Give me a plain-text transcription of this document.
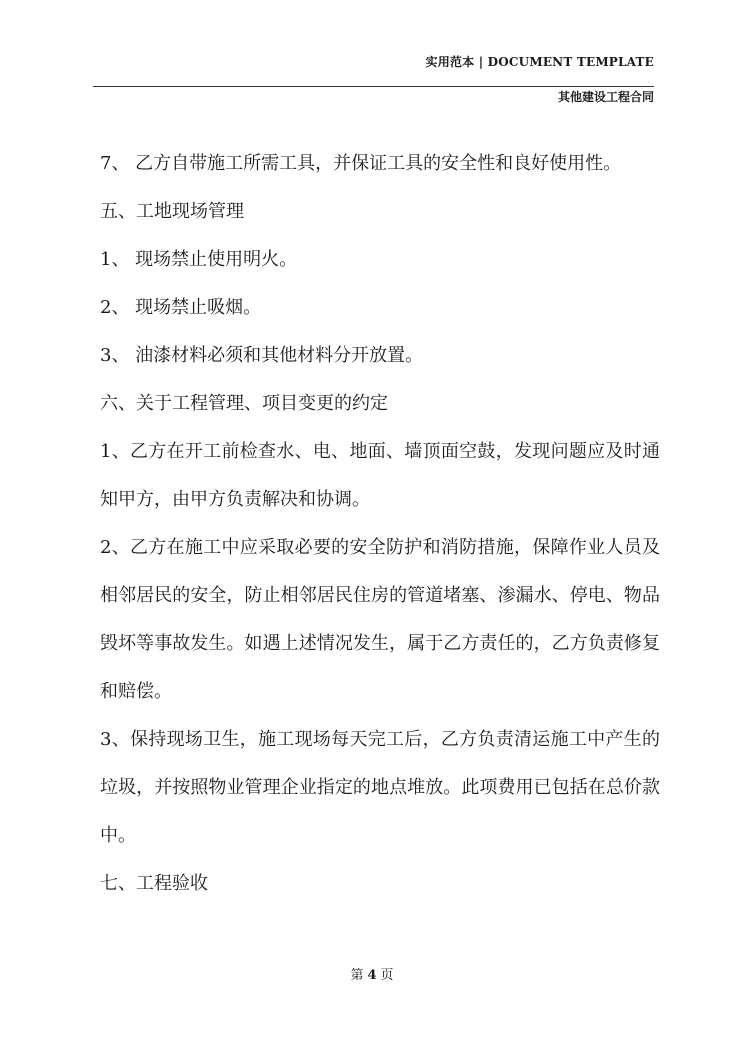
实用范本 | DOCUMENT TEMPLATE
其他建设工程合同

7、 乙方自带施工所需工具，并保证工具的安全性和良好使用性。

五、工地现场管理

1、 现场禁止使用明火。

2、 现场禁止吸烟。

3、 油漆材料必须和其他材料分开放置。

六、关于工程管理、项目变更的约定

1、乙方在开工前检查水、电、地面、墙顶面空鼓，发现问题应及时通知甲方，由甲方负责解决和协调。

2、乙方在施工中应采取必要的安全防护和消防措施，保障作业人员及相邻居民的安全，防止相邻居民住房的管道堵塞、渗漏水、停电、物品毁坏等事故发生。如遇上述情况发生，属于乙方责任的，乙方负责修复和赔偿。

3、保持现场卫生，施工现场每天完工后，乙方负责清运施工中产生的垃圾，并按照物业管理企业指定的地点堆放。此项费用已包括在总价款中。

七、工程验收

第 4 页
